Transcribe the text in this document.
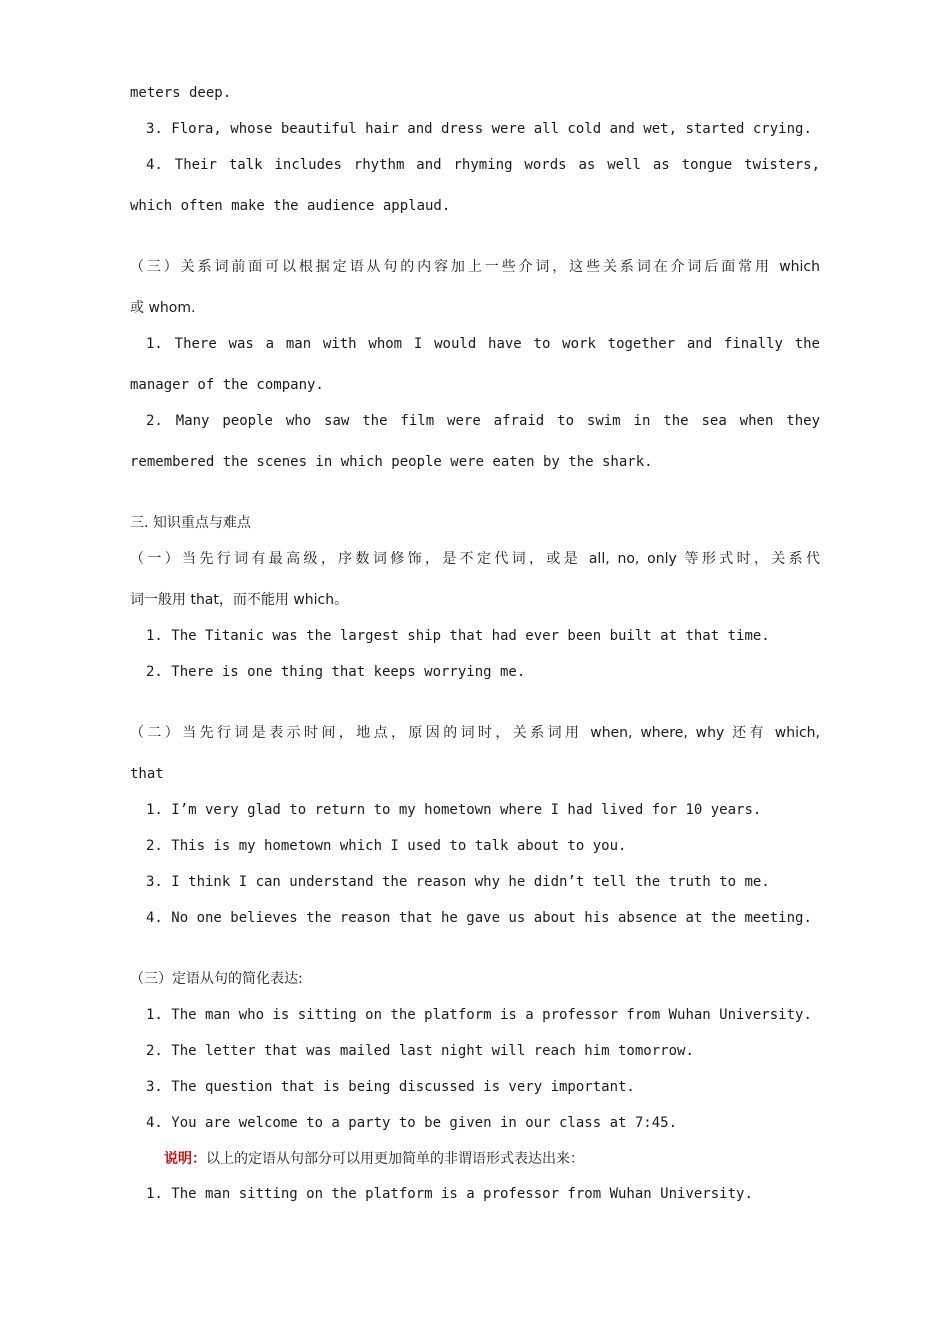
meters deep.
3. Flora, whose beautiful hair and dress were all cold and wet, started crying.
4. Their talk includes rhythm and rhyming words as well as tongue twisters,
which often make the audience applaud.
（三）关系词前面可以根据定语从句的内容加上一些介词，这些关系词在介词后面常用 which
或 whom.
1. There was a man with whom I would have to work together and finally the
manager of the company.
2. Many people who saw the film were afraid to swim in the sea when they
remembered the scenes in which people were eaten by the shark.
三. 知识重点与难点
（一）当先行词有最高级，序数词修饰，是不定代词，或是 all, no, only 等形式时，关系代
词一般用 that，而不能用 which。
1. The Titanic was the largest ship that had ever been built at that time.
2. There is one thing that keeps worrying me.
（二）当先行词是表示时间，地点，原因的词时，关系词用 when, where, why 还有 which,
that
1. I’m very glad to return to my hometown where I had lived for 10 years.
2. This is my hometown which I used to talk about to you.
3. I think I can understand the reason why he didn’t tell the truth to me.
4. No one believes the reason that he gave us about his absence at the meeting.
（三）定语从句的简化表达:
1. The man who is sitting on the platform is a professor from Wuhan University.
2. The letter that was mailed last night will reach him tomorrow.
3. The question that is being discussed is very important.
4. You are welcome to a party to be given in our class at 7:45.
说明：以上的定语从句部分可以用更加简单的非谓语形式表达出来：
1. The man sitting on the platform is a professor from Wuhan University.
